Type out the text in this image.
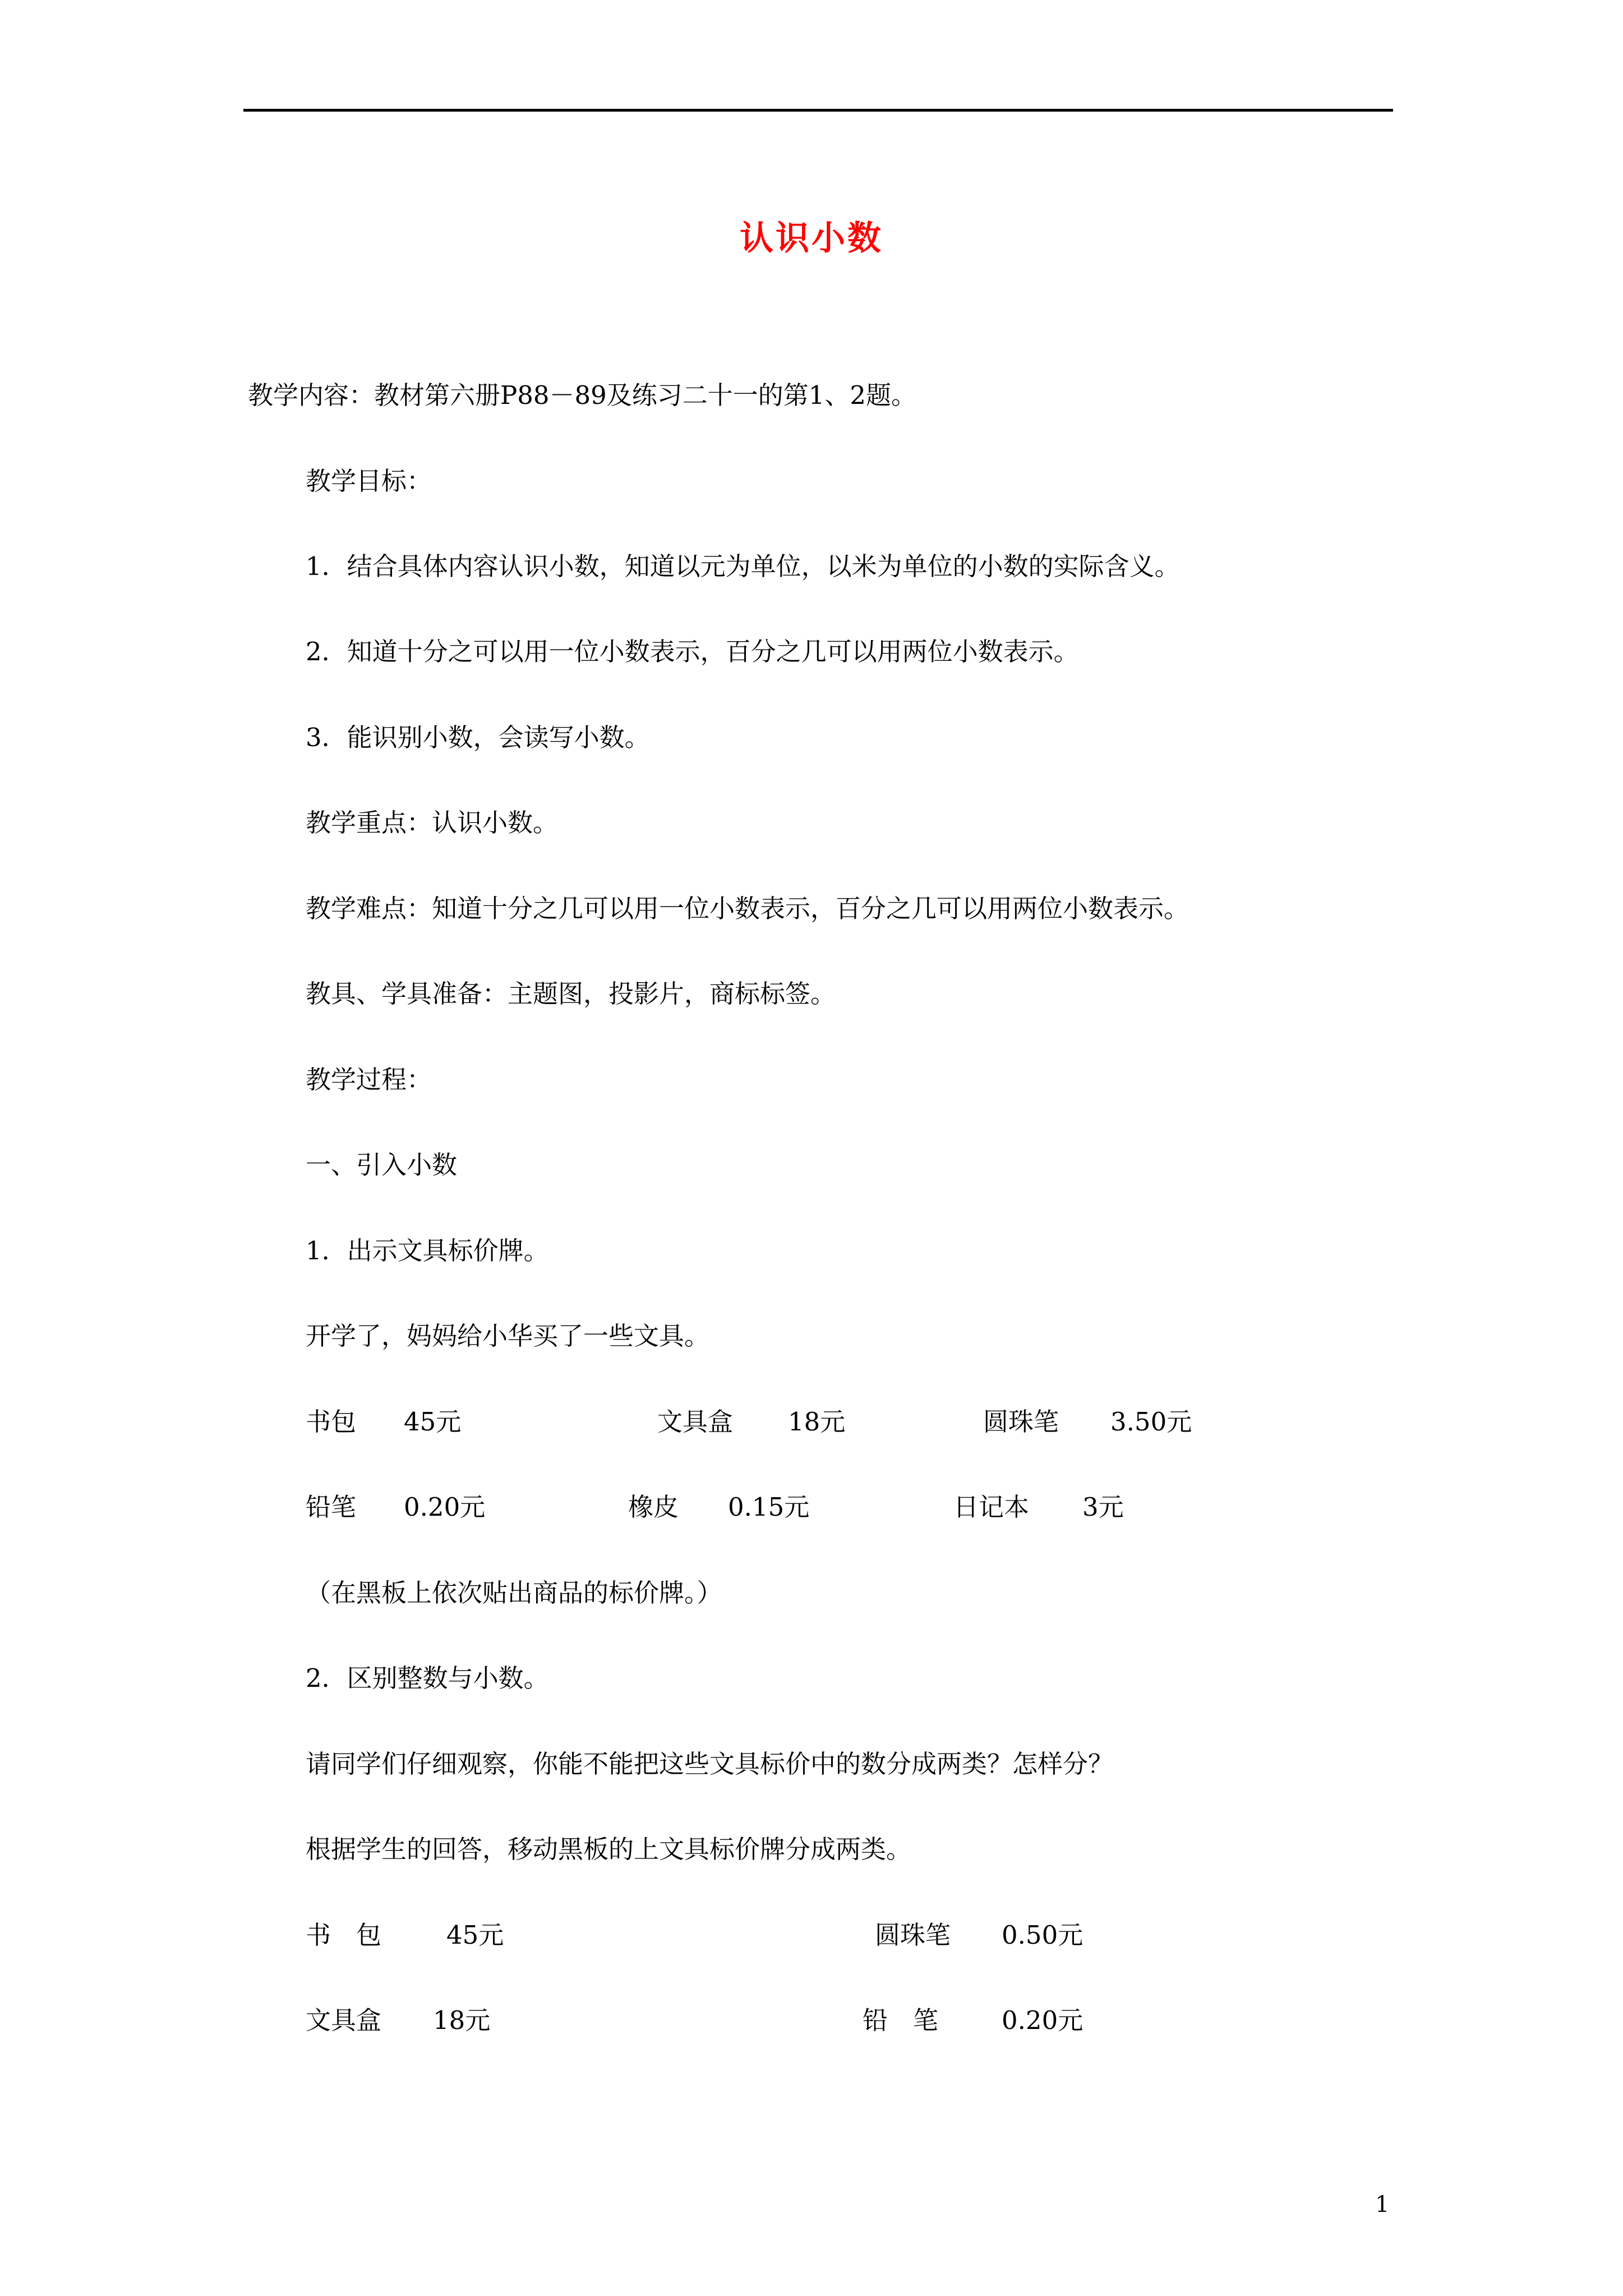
认识小数
教学内容：教材第六册P88－89及练习二十一的第1、2题。
教学目标：
1．结合具体内容认识小数，知道以元为单位，以米为单位的小数的实际含义。
2．知道十分之可以用一位小数表示，百分之几可以用两位小数表示。
3．能识别小数，会读写小数。
教学重点：认识小数。
教学难点：知道十分之几可以用一位小数表示，百分之几可以用两位小数表示。
教具、学具准备：主题图，投影片，商标标签。
教学过程：
一、引入小数
1．出示文具标价牌。
开学了，妈妈给小华买了一些文具。
书包 45元	文具盒 18元	圆珠笔 3.50元
铅笔 0.20元	橡皮 0.15元	日记本 3元
（在黑板上依次贴出商品的标价牌。）
2．区别整数与小数。
请同学们仔细观察，你能不能把这些文具标价中的数分成两类？怎样分？
根据学生的回答，移动黑板的上文具标价牌分成两类。
书　包	45元	圆珠笔 0.50元
文具盒 18元	铅　笔	0.20元
1
